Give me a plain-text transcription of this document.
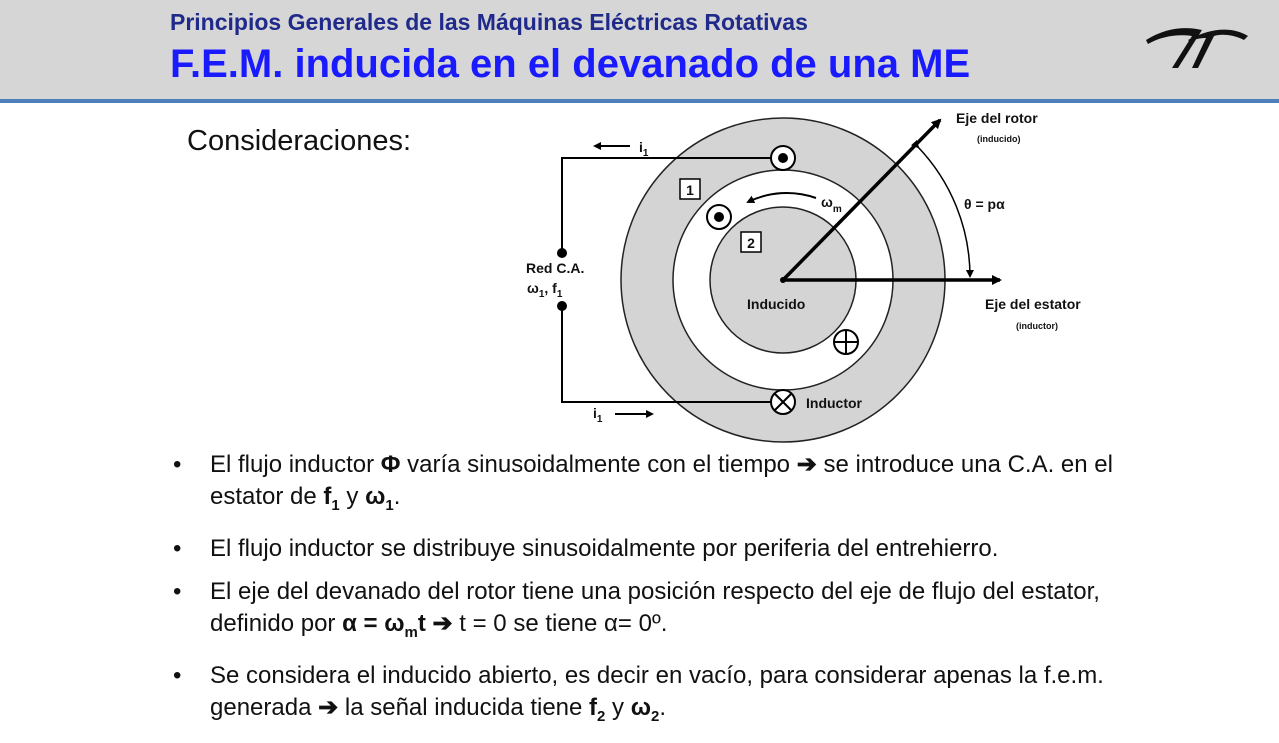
Principios Generales de las Máquinas Eléctricas Rotativas
F.E.M. inducida en el devanado de una ME
Consideraciones:	$i_1$
$i_1$
Red C.A.
$\omega_1$, $f_1$
1
2
$\omega_m$	θ = pα
Eje del rotor
(inducido)
Eje del estator
(inductor)
Inducido
Inductor
• El flujo inductor Φ varía sinusoidalmente con el tiempo ➔ se introduce una C.A. en el estator de $f_1$ y $\omega_1$.
• El flujo inductor se distribuye sinusoidalmente por periferia del entrehierro.
• El eje del devanado del rotor tiene una posición respecto del eje de flujo del estator, definido por $\alpha = \omega_mt$ ➔ t = 0 se tiene α= 0º.
• Se considera el inducido abierto, es decir en vacío, para considerar apenas la f.e.m. generada ➔ la señal inducida tiene $f_2$ y $\omega_2$.
